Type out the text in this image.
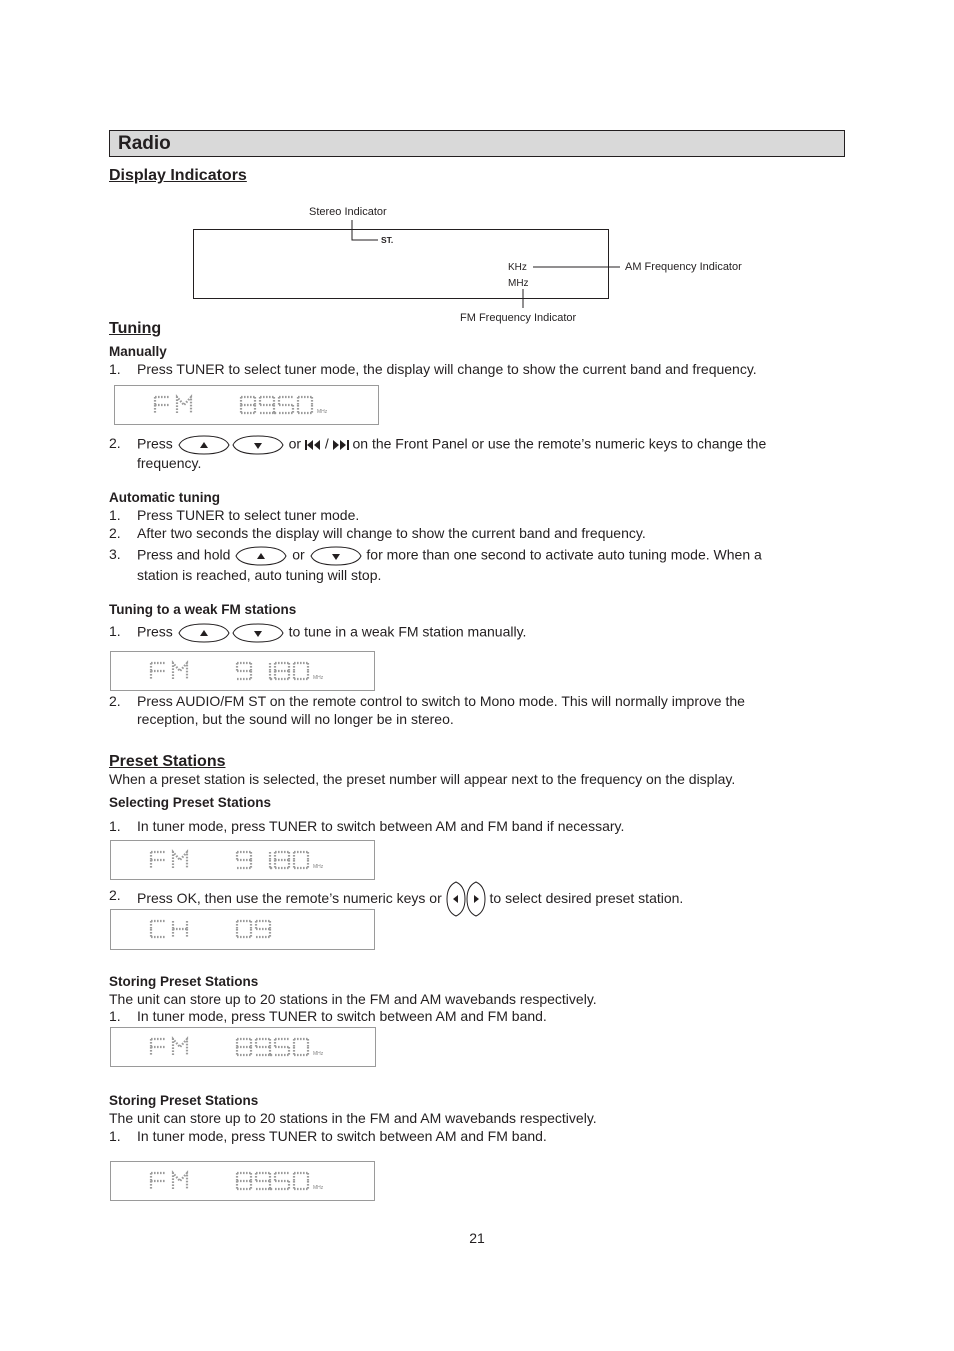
Radio
Display Indicators
Stereo Indicator
ST.
KHz
MHz
AM Frequency Indicator
FM Frequency Indicator
Tuning
Manually
1. Press TUNER to select tuner mode, the display will change to show the current band and frequency.
MHz
2. Press	or / on the Front Panel or use the remote’s numeric keys to change the
frequency.
Automatic tuning
1. Press TUNER to select tuner mode.
2. After two seconds the display will change to show the current band and frequency.
3. Press and hold	or	for more than one second to activate auto tuning mode. When a
station is reached, auto tuning will stop.
Tuning to a weak FM stations
1. Press	to tune in a weak FM station manually.
MHz
2. Press AUDIO/FM ST on the remote control to switch to Mono mode. This will normally improve the
reception, but the sound will no longer be in stereo.
Preset Stations
When a preset station is selected, the preset number will appear next to the frequency on the display.
Selecting Preset Stations
1. In tuner mode, press TUNER to switch between AM and FM band if necessary.
MHz
2. Press OK, then use the remote’s numeric keys or	to select desired preset station.
Storing Preset Stations
The unit can store up to 20 stations in the FM and AM wavebands respectively.
1. In tuner mode, press TUNER to switch between AM and FM band.
MHz
Storing Preset Stations
The unit can store up to 20 stations in the FM and AM wavebands respectively.
1. In tuner mode, press TUNER to switch between AM and FM band.
MHz
21
